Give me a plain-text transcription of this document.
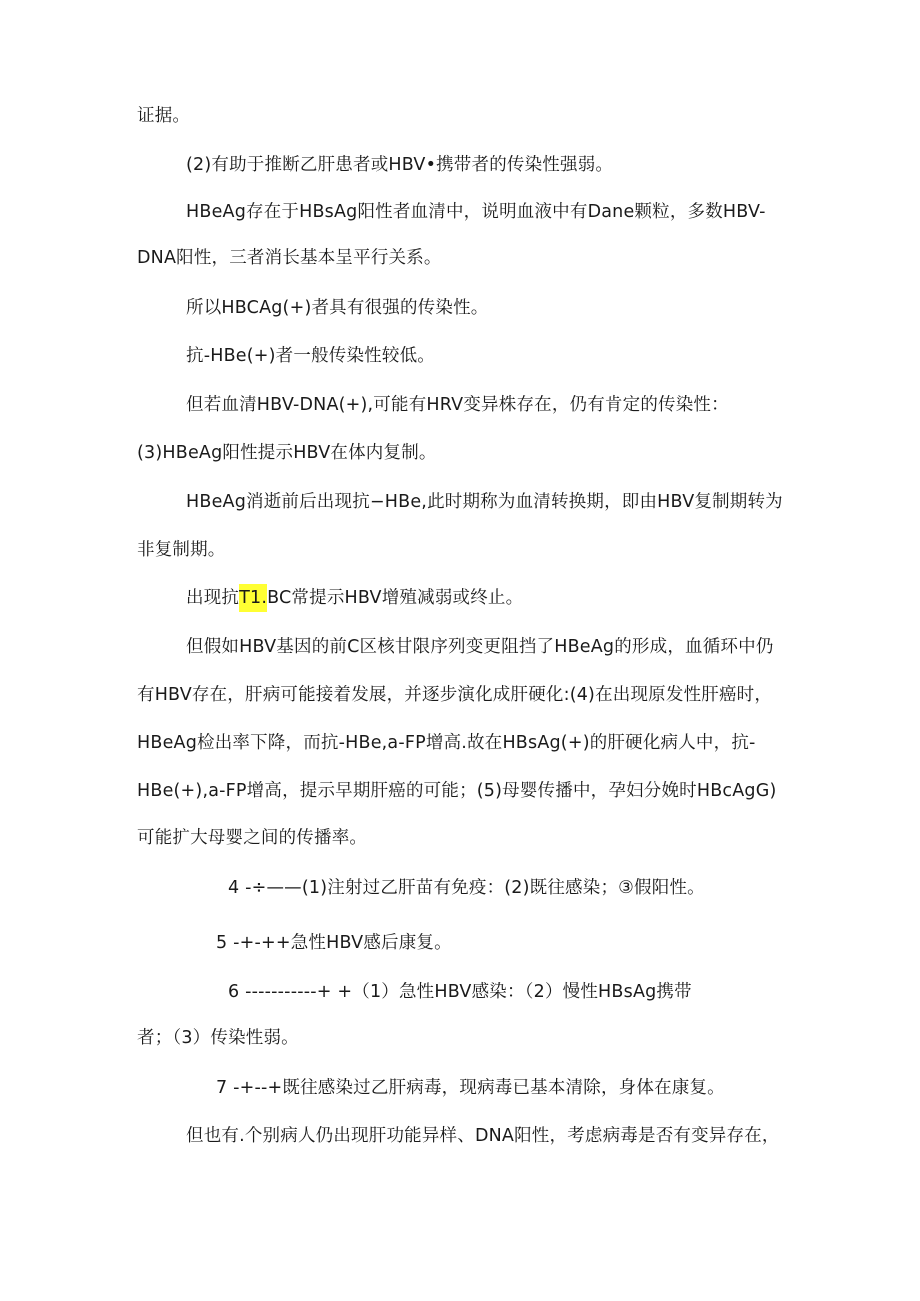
证据。
(2)有助于推断乙肝患者或HBV•携带者的传染性强弱。
HBeAg存在于HBsAg阳性者血清中，说明血液中有Dane颗粒，多数HBV-
DNA阳性，三者消长基本呈平行关系。
所以HBCAg(+)者具有很强的传染性。
抗-HBe(+)者一般传染性较低。
但若血清HBV-DNA(+),可能有HRV变异株存在，仍有肯定的传染性：
(3)HBeAg阳性提示HBV在体内复制。
HBeAg消逝前后出现抗−HBe,此时期称为血清转换期，即由HBV复制期转为
非复制期。
出现抗T1.BC常提示HBV增殖减弱或终止。
但假如HBV基因的前C区核甘限序列变更阻挡了HBeAg的形成，血循环中仍
有HBV存在，肝病可能接着发展，并逐步演化成肝硬化:(4)在出现原发性肝癌时，
HBeAg检出率下降，而抗-HBe,a-FP增高.故在HBsAg(+)的肝硬化病人中，抗-
HBe(+),a-FP增高，提示早期肝癌的可能；(5)母婴传播中，孕妇分娩时HBcAgG)
可能扩大母婴之间的传播率。
4 -÷——(1)注射过乙肝苗有免疫：(2)既往感染；③假阳性。
5 -+-++急性HBV感后康复。
6 -----------+ +（1）急性HBV感染：（2）慢性HBsAg携带
者；（3）传染性弱。
7 -+--+既往感染过乙肝病毒，现病毒已基本清除，身体在康复。
但也有.个别病人仍出现肝功能异样、DNA阳性，考虑病毒是否有变异存在，
